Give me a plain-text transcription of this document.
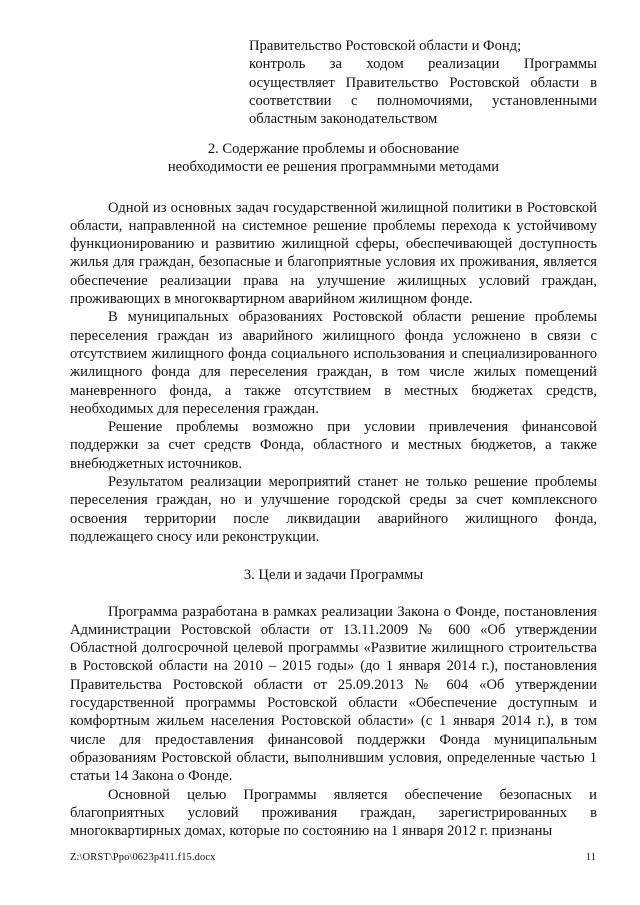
Правительство Ростовской области и Фонд;
контроль за ходом реализации Программы осуществляет Правительство Ростовской области в соответствии с полномочиями, установленными областным законодательством
2. Содержание проблемы и обоснование
необходимости ее решения программными методами

Одной из основных задач государственной жилищной политики в Ростовской области, направленной на системное решение проблемы перехода к устойчивому функционированию и развитию жилищной сферы, обеспечивающей доступность жилья для граждан, безопасные и благоприятные условия их проживания, является обеспечение реализации права на улучшение жилищных условий граждан, проживающих в многоквартирном аварийном жилищном фонде.

В муниципальных образованиях Ростовской области решение проблемы переселения граждан из аварийного жилищного фонда усложнено в связи с отсутствием жилищного фонда социального использования и специализированного жилищного фонда для переселения граждан, в том числе жилых помещений маневренного фонда, а также отсутствием в местных бюджетах средств, необходимых для переселения граждан.

Решение проблемы возможно при условии привлечения финансовой поддержки за счет средств Фонда, областного и местных бюджетов, а также внебюджетных источников.

Результатом реализации мероприятий станет не только решение проблемы переселения граждан, но и улучшение городской среды за счет комплексного освоения территории после ликвидации аварийного жилищного фонда, подлежащего сносу или реконструкции.

3. Цели и задачи Программы

Программа разработана в рамках реализации Закона о Фонде, постановления Администрации Ростовской области от 13.11.2009 № 600 «Об утверждении Областной долгосрочной целевой программы «Развитие жилищного строительства в Ростовской области на 2010 – 2015 годы» (до 1 января 2014 г.), постановления Правительства Ростовской области от 25.09.2013 № 604 «Об утверждении государственной программы Ростовской области «Обеспечение доступным и комфортным жильем населения Ростовской области» (с 1 января 2014 г.), в том числе для предоставления финансовой поддержки Фонда муниципальным образованиям Ростовской области, выполнившим условия, определенные частью 1 статьи 14 Закона о Фонде.

Основной целью Программы является обеспечение безопасных и благоприятных условий проживания граждан, зарегистрированных в многоквартирных домах, которые по состоянию на 1 января 2012 г. признаны

Z:\ORST\Ppo\0623p411.f15.docx	11
